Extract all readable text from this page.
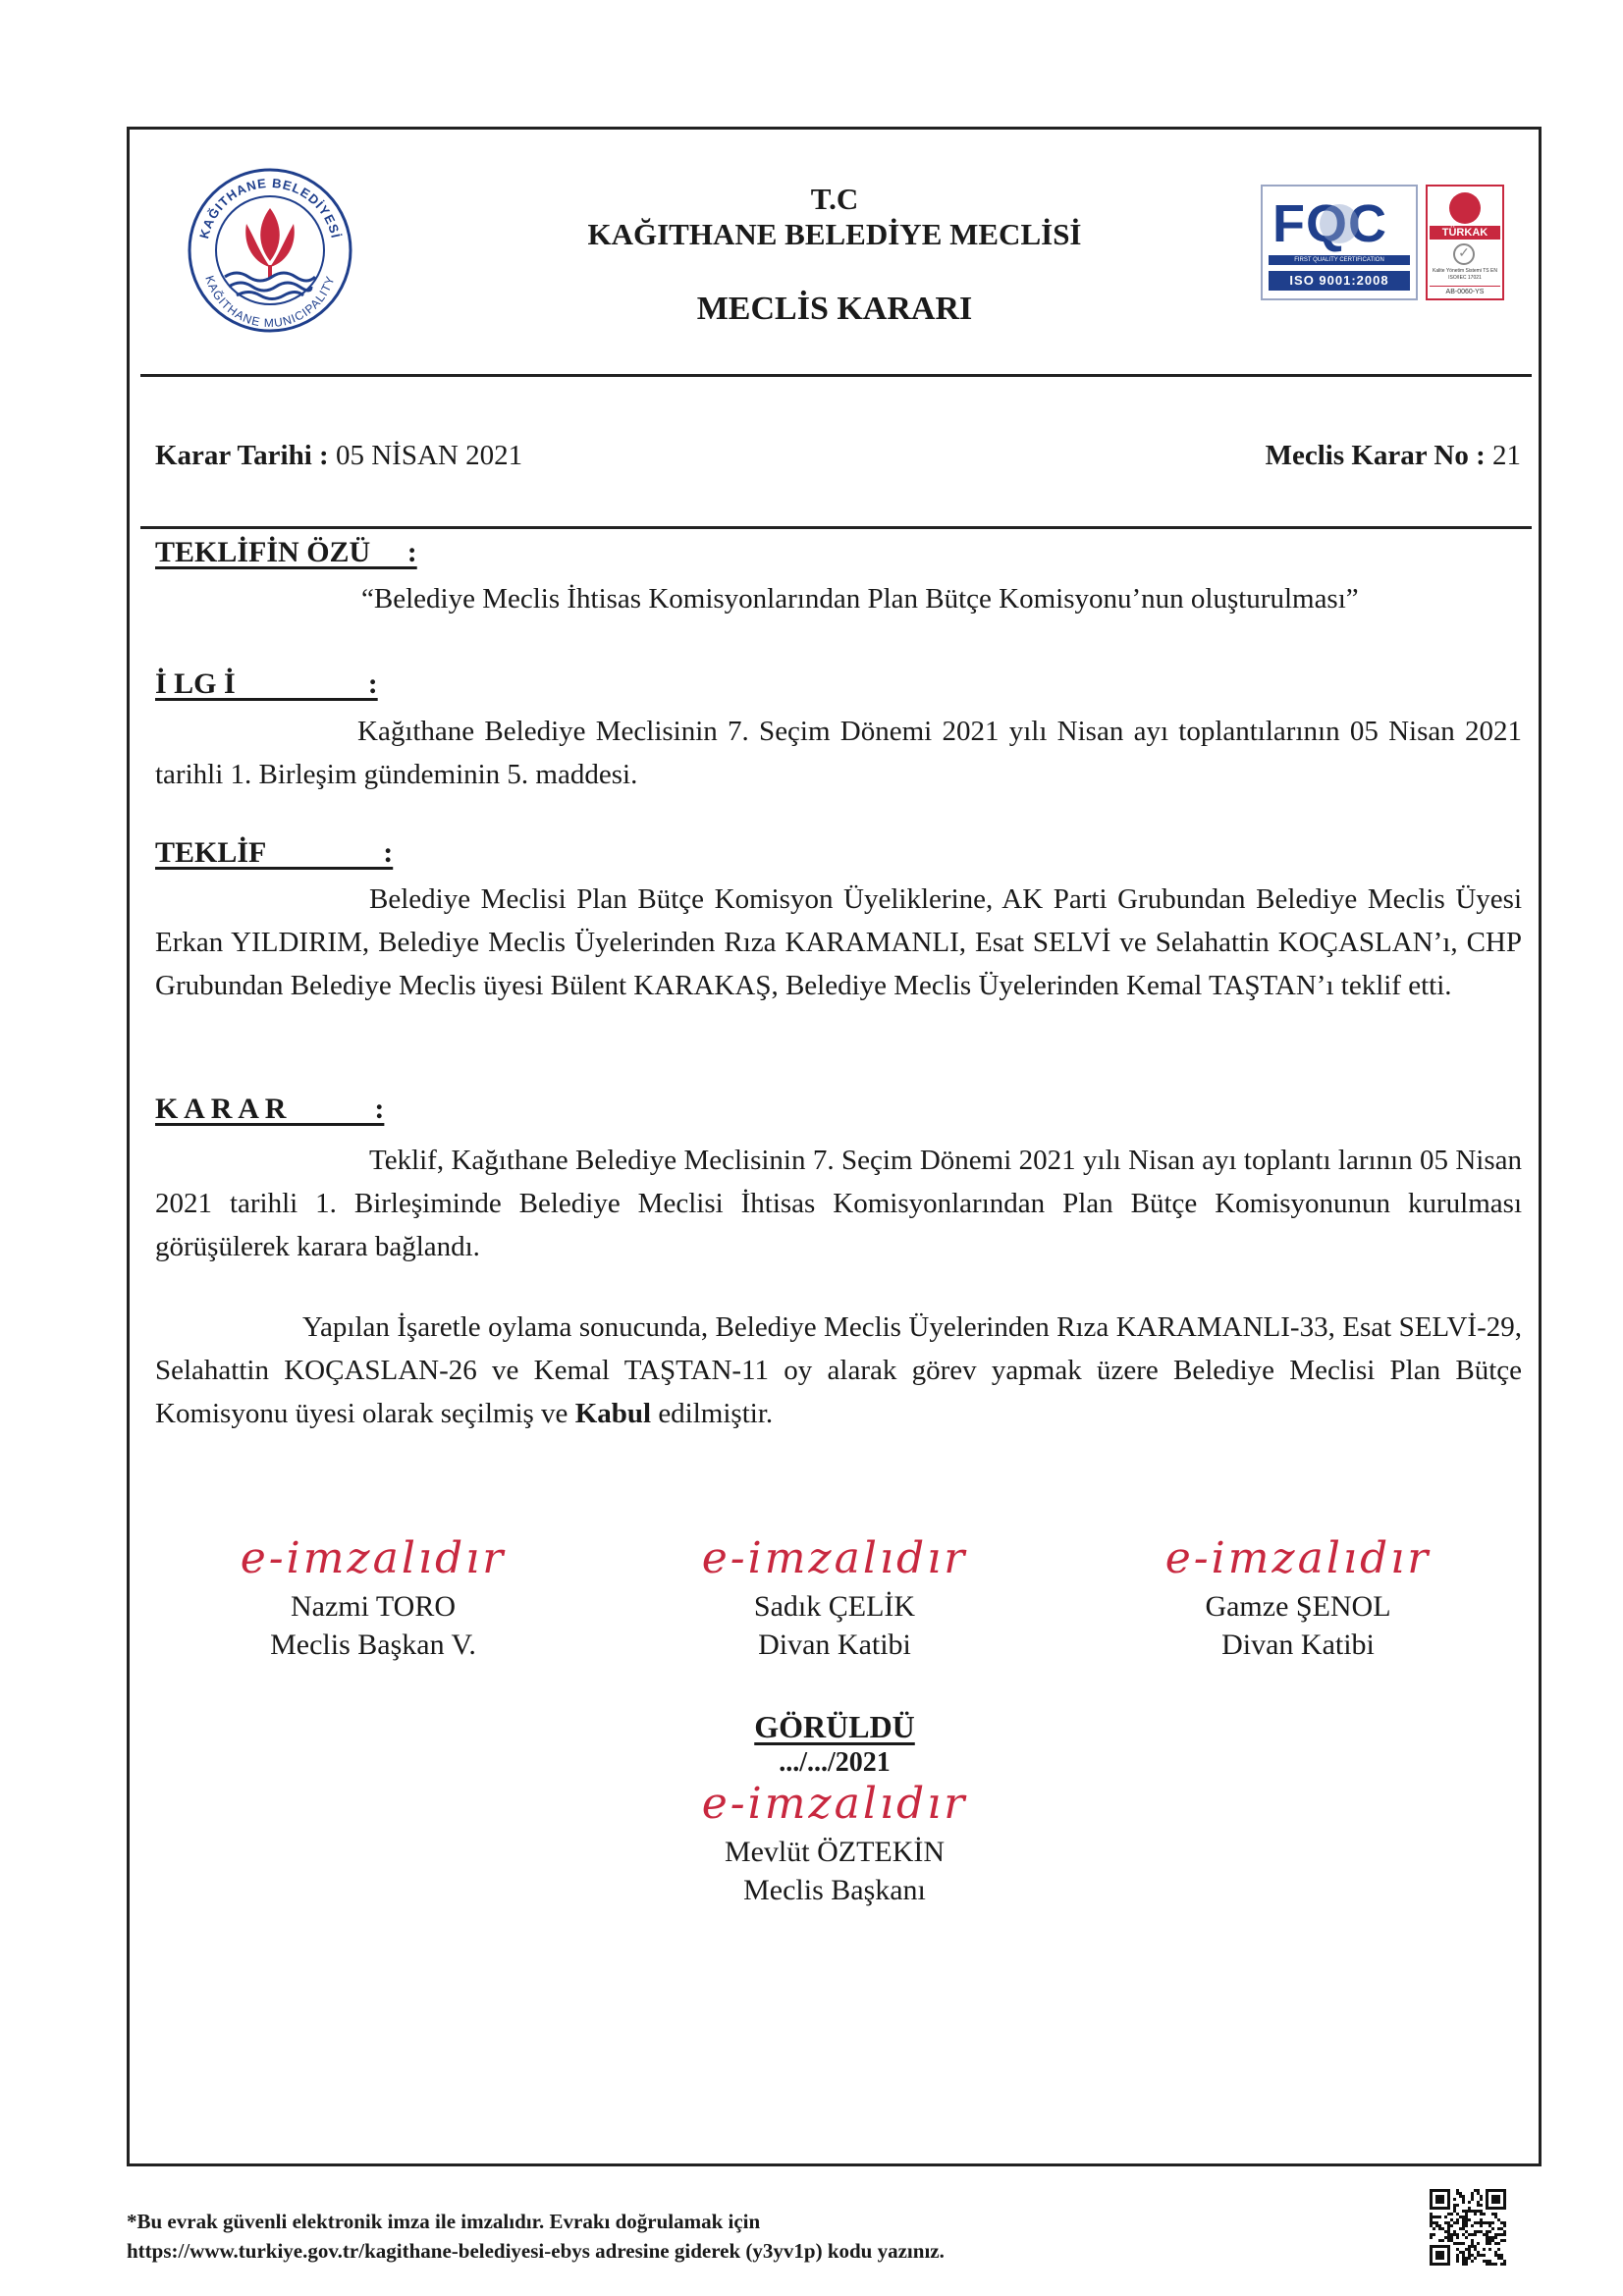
KAĞITHANE BELEDİYESİ
KAĞITHANE MUNICIPALITY
T.C
KAĞITHANE BELEDİYE MECLİSİ
MECLİS KARARI
FQC
FIRST QUALITY CERTIFICATION
ISO 9001:2008
TÜRKAK
✓
Kalite Yönetim Sistemi TS EN ISO/IEC 17021
AB-0060-YS
Karar Tarihi : 05 NİSAN 2021	Meclis Karar No : 21
TEKLİFİN ÖZÜ     :
“Belediye Meclis İhtisas Komisyonlarından Plan Bütçe Komisyonu’nun oluşturulması”
İ LG İ                  :
Kağıthane Belediye Meclisinin 7. Seçim Dönemi 2021 yılı Nisan ayı toplantılarının 05 Nisan 2021 tarihli 1. Birleşim gündeminin 5. maddesi.
TEKLİF                :
Belediye Meclisi Plan Bütçe Komisyon Üyeliklerine, AK Parti Grubundan Belediye Meclis Üyesi Erkan YILDIRIM, Belediye Meclis Üyelerinden Rıza KARAMANLI, Esat SELVİ ve Selahattin KOÇASLAN’ı, CHP Grubundan Belediye Meclis üyesi Bülent KARAKAŞ, Belediye Meclis Üyelerinden Kemal TAŞTAN’ı teklif etti.
K A R A R            :
Teklif, Kağıthane Belediye Meclisinin 7. Seçim Dönemi 2021 yılı Nisan ayı toplantı larının 05 Nisan 2021 tarihli 1. Birleşiminde Belediye Meclisi İhtisas Komisyonlarından Plan Bütçe Komisyonunun kurulması görüşülerek karara bağlandı.
Yapılan İşaretle oylama sonucunda, Belediye Meclis Üyelerinden Rıza KARAMANLI-33, Esat SELVİ-29, Selahattin KOÇASLAN-26 ve Kemal TAŞTAN-11 oy alarak görev yapmak üzere Belediye Meclisi Plan Bütçe Komisyonu üyesi olarak seçilmiş ve Kabul edilmiştir.
e-imzalıdır
Nazmi TORO
Meclis Başkan V.
e-imzalıdır
Sadık ÇELİK
Divan Katibi
e-imzalıdır
Gamze ŞENOL
Divan Katibi
GÖRÜLDÜ
.../.../2021
e-imzalıdır
Mevlüt ÖZTEKİN
Meclis Başkanı
*Bu evrak güvenli elektronik imza ile imzalıdır. Evrakı doğrulamak için
https://www.turkiye.gov.tr/kagithane-belediyesi-ebys adresine giderek (y3yv1p) kodu yazınız.
